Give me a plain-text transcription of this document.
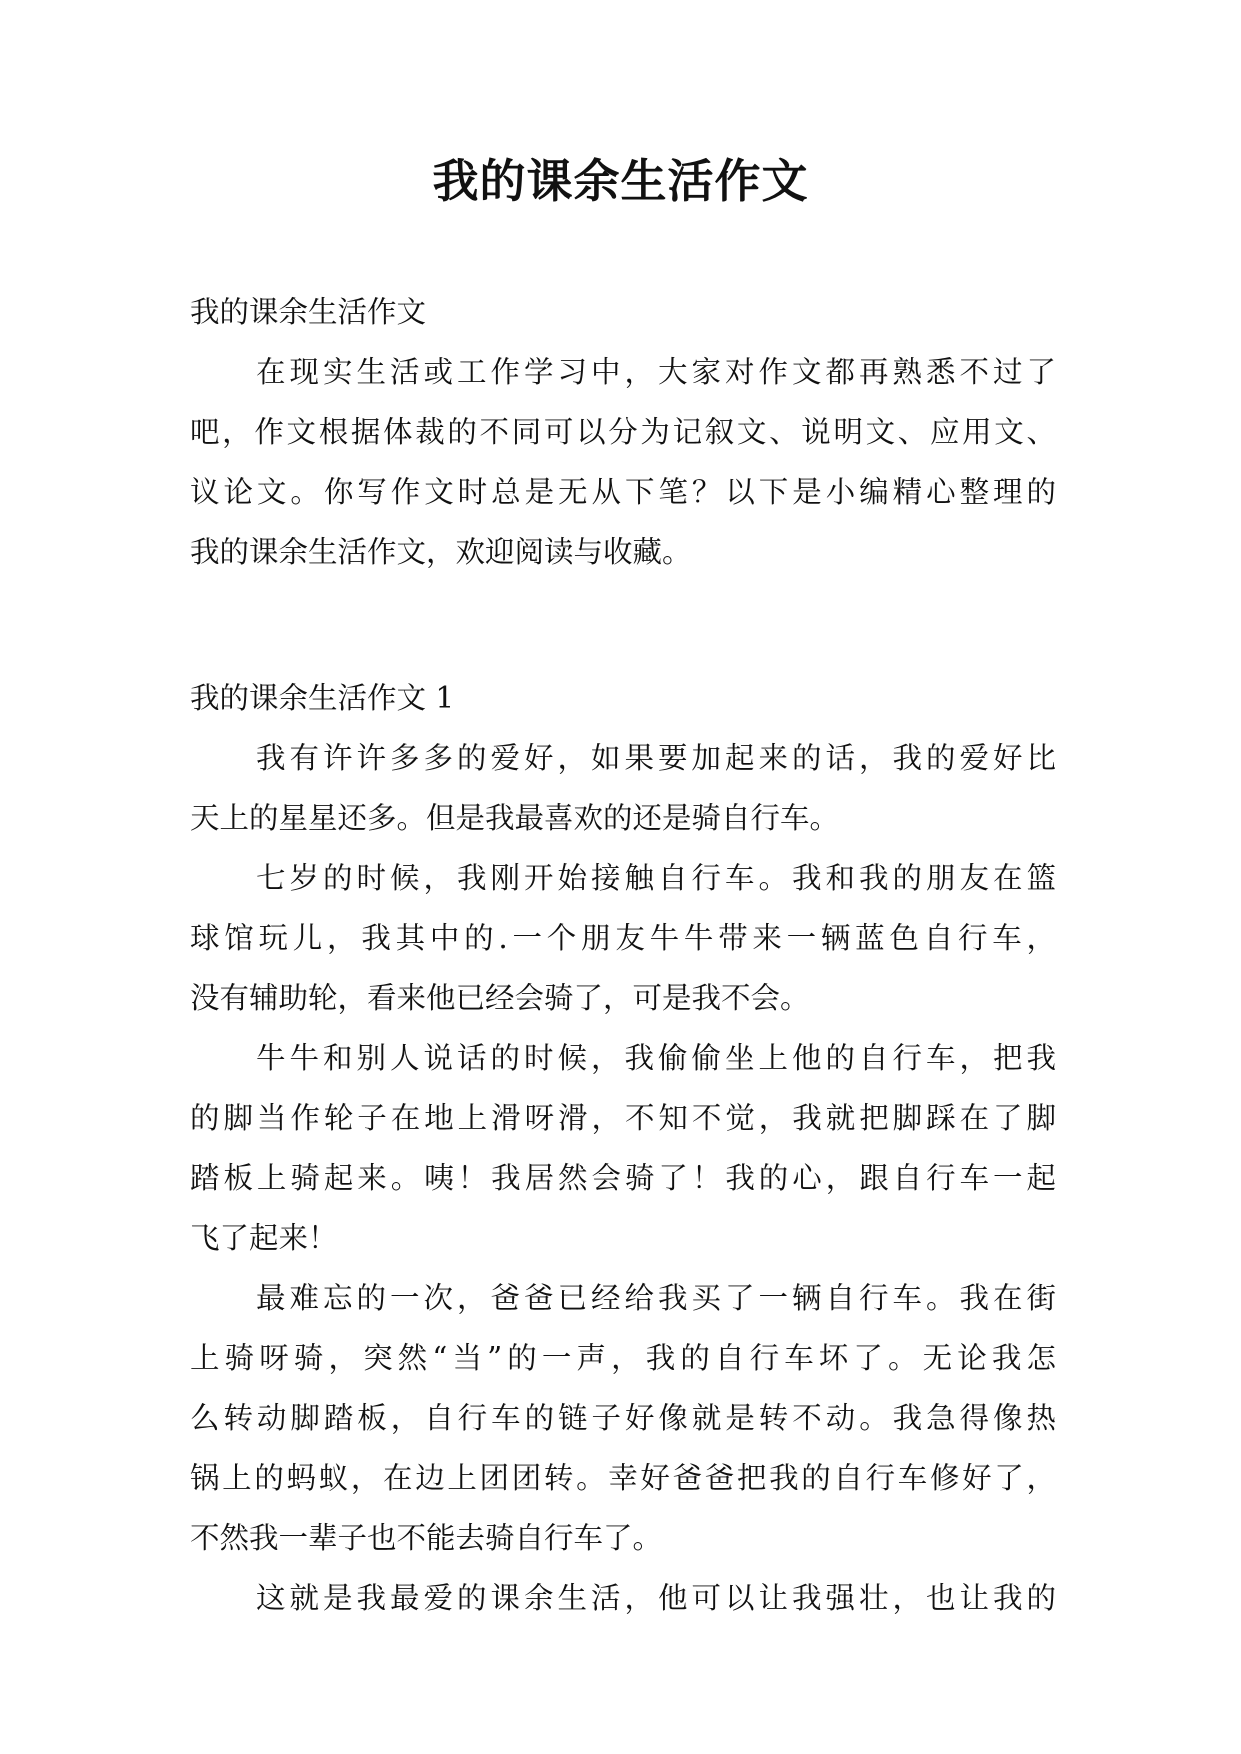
我的课余生活作文
我的课余生活作文
在现实生活或工作学习中，大家对作文都再熟悉不过了
吧，作文根据体裁的不同可以分为记叙文、说明文、应用文、
议论文。你写作文时总是无从下笔？以下是小编精心整理的
我的课余生活作文，欢迎阅读与收藏。
我的课余生活作文 1
我有许许多多的爱好，如果要加起来的话，我的爱好比
天上的星星还多。但是我最喜欢的还是骑自行车。
七岁的时候，我刚开始接触自行车。我和我的朋友在篮
球馆玩儿，我其中的.一个朋友牛牛带来一辆蓝色自行车，
没有辅助轮，看来他已经会骑了，可是我不会。
牛牛和别人说话的时候，我偷偷坐上他的自行车，把我
的脚当作轮子在地上滑呀滑，不知不觉，我就把脚踩在了脚
踏板上骑起来。咦！我居然会骑了！我的心，跟自行车一起
飞了起来！
最难忘的一次，爸爸已经给我买了一辆自行车。我在街
上骑呀骑，突然“当”的一声，我的自行车坏了。无论我怎
么转动脚踏板，自行车的链子好像就是转不动。我急得像热
锅上的蚂蚁，在边上团团转。幸好爸爸把我的自行车修好了，
不然我一辈子也不能去骑自行车了。
这就是我最爱的课余生活，他可以让我强壮，也让我的
